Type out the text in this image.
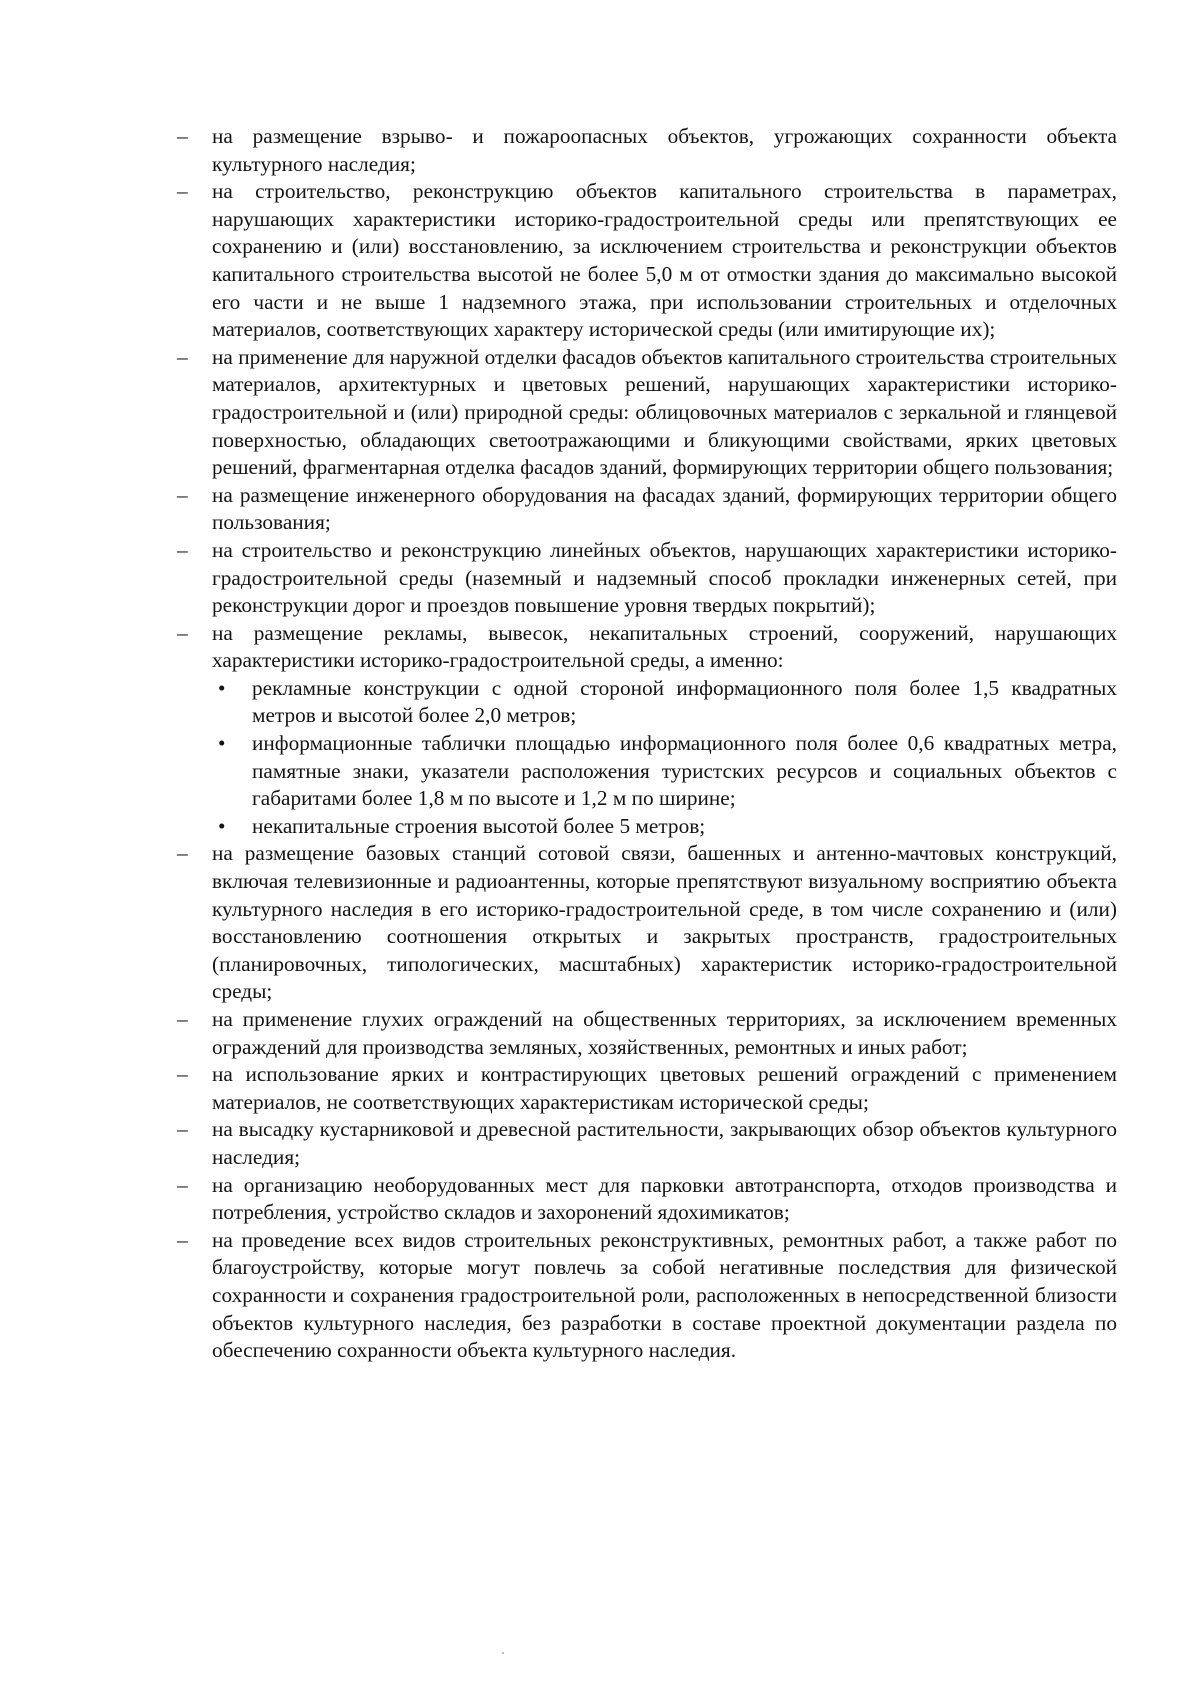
–	на размещение взрыво- и пожароопасных объектов, угрожающих сохранности объекта культурного наследия;
–	на строительство, реконструкцию объектов капитального строительства в параметрах, нарушающих характеристики историко-градостроительной среды или препятствующих ее сохранению и (или) восстановлению, за исключением строительства и реконструкции объектов капитального строительства высотой не более 5,0 м от отмостки здания до максимально высокой его части и не выше 1 надземного этажа, при использовании строительных и отделочных материалов, соответствующих характеру исторической среды (или имитирующие их);
–	на применение для наружной отделки фасадов объектов капитального строительства строительных материалов, архитектурных и цветовых решений, нарушающих характеристики историко-градостроительной и (или) природной среды: облицовочных материалов с зеркальной и глянцевой поверхностью, обладающих светоотражающими и бликующими свойствами, ярких цветовых решений, фрагментарная отделка фасадов зданий, формирующих территории общего пользования;
–	на размещение инженерного оборудования на фасадах зданий, формирующих территории общего пользования;
–	на строительство и реконструкцию линейных объектов, нарушающих характеристики историко-градостроительной среды (наземный и надземный способ прокладки инженерных сетей, при реконструкции дорог и проездов повышение уровня твердых покрытий);
–	на размещение рекламы, вывесок, некапитальных строений, сооружений, нарушающих характеристики историко-градостроительной среды, а именно:
•	рекламные конструкции с одной стороной информационного поля более 1,5 квадратных метров и высотой более 2,0 метров;
•	информационные таблички площадью информационного поля более 0,6 квадратных метра, памятные знаки, указатели расположения туристских ресурсов и социальных объектов с габаритами более 1,8 м по высоте и 1,2 м по ширине;
•	некапитальные строения высотой более 5 метров;
–	на размещение базовых станций сотовой связи, башенных и антенно-мачтовых конструкций, включая телевизионные и радиоантенны, которые препятствуют визуальному восприятию объекта культурного наследия в его историко-градостроительной среде, в том числе сохранению и (или) восстановлению соотношения открытых и закрытых пространств, градостроительных (планировочных, типологических, масштабных) характеристик историко-градостроительной среды;
–	на применение глухих ограждений на общественных территориях, за исключением временных ограждений для производства земляных, хозяйственных, ремонтных и иных работ;
–	на использование ярких и контрастирующих цветовых решений ограждений с применением материалов, не соответствующих характеристикам исторической среды;
–	на высадку кустарниковой и древесной растительности, закрывающих обзор объектов культурного наследия;
–	на организацию необорудованных мест для парковки автотранспорта, отходов производства и потребления, устройство складов и захоронений ядохимикатов;
–	на проведение всех видов строительных реконструктивных, ремонтных работ, а также работ по благоустройству, которые могут повлечь за собой негативные последствия для физической сохранности и сохранения градостроительной роли, расположенных в непосредственной близости объектов культурного наследия, без разработки в составе проектной документации раздела по обеспечению сохранности объекта культурного наследия.
